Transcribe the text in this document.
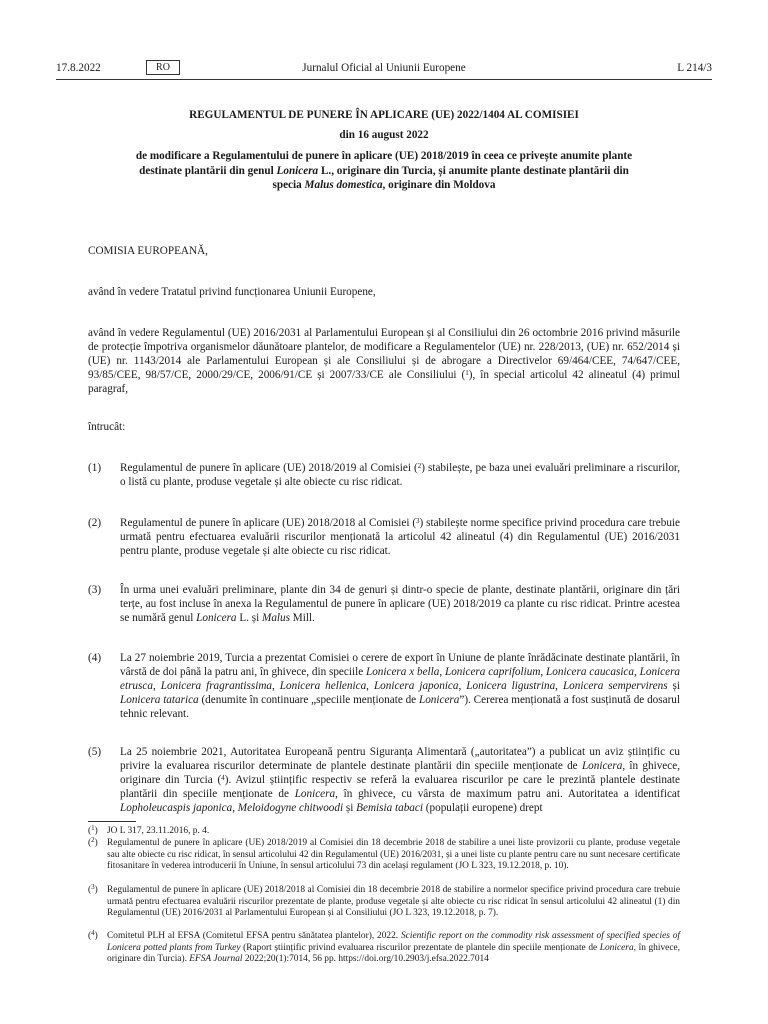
17.8.2022	Jurnalul Oficial al Uniunii Europene
RO	L 214/3
REGULAMENTUL DE PUNERE ÎN APLICARE (UE) 2022/1404 AL COMISIEI
din 16 august 2022
de modificare a Regulamentului de punere în aplicare (UE) 2018/2019 în ceea ce privește anumite plante destinate plantării din genul Lonicera L., originare din Turcia, și anumite plante destinate plantării din specia Malus domestica, originare din Moldova
COMISIA EUROPEANĂ,
având în vedere Tratatul privind funcționarea Uniunii Europene,
având în vedere Regulamentul (UE) 2016/2031 al Parlamentului European și al Consiliului din 26 octombrie 2016 privind măsurile de protecție împotriva organismelor dăunătoare plantelor, de modificare a Regulamentelor (UE) nr. 228/2013, (UE) nr. 652/2014 și (UE) nr. 1143/2014 ale Parlamentului European și ale Consiliului și de abrogare a Directivelor 69/464/CEE, 74/647/CEE, 93/85/CEE, 98/57/CE, 2000/29/CE, 2006/91/CE și 2007/33/CE ale Consiliului ($^1$), în special articolul 42 alineatul (4) primul paragraf,
întrucât:
(1) Regulamentul de punere în aplicare (UE) 2018/2019 al Comisiei ($^2$) stabilește, pe baza unei evaluări preliminare a riscurilor, o listă cu plante, produse vegetale și alte obiecte cu risc ridicat.
(2) Regulamentul de punere în aplicare (UE) 2018/2018 al Comisiei ($^3$) stabilește norme specifice privind procedura care trebuie urmată pentru efectuarea evaluării riscurilor menționată la articolul 42 alineatul (4) din Regulamentul (UE) 2016/2031 pentru plante, produse vegetale și alte obiecte cu risc ridicat.
(3) În urma unei evaluări preliminare, plante din 34 de genuri și dintr-o specie de plante, destinate plantării, originare din țări terțe, au fost incluse în anexa la Regulamentul de punere în aplicare (UE) 2018/2019 ca plante cu risc ridicat. Printre acestea se numără genul Lonicera L. și Malus Mill.
(4) La 27 noiembrie 2019, Turcia a prezentat Comisiei o cerere de export în Uniune de plante înrădăcinate destinate plantării, în vârstă de doi până la patru ani, în ghivece, din speciile Lonicera x bella, Lonicera caprifolium, Lonicera caucasica, Lonicera etrusca, Lonicera fragrantissima, Lonicera hellenica, Lonicera japonica, Lonicera ligustrina, Lonicera sempervirens și Lonicera tatarica (denumite în continuare „speciile menționate de Lonicera”). Cererea menționată a fost susținută de dosarul tehnic relevant.
(5) La 25 noiembrie 2021, Autoritatea Europeană pentru Siguranța Alimentară („autoritatea”) a publicat un aviz științific cu privire la evaluarea riscurilor determinate de plantele destinate plantării din speciile menționate de Lonicera, în ghivece, originare din Turcia ($^4$). Avizul științific respectiv se referă la evaluarea riscurilor pe care le prezintă plantele destinate plantării din speciile menționate de Lonicera, în ghivece, cu vârsta de maximum patru ani. Autoritatea a identificat Lopholeucaspis japonica, Meloidogyne chitwoodi și Bemisia tabaci (populații europene) drept
($^1$) JO L 317, 23.11.2016, p. 4.
($^2$) Regulamentul de punere în aplicare (UE) 2018/2019 al Comisiei din 18 decembrie 2018 de stabilire a unei liste provizorii cu plante, produse vegetale sau alte obiecte cu risc ridicat, în sensul articolului 42 din Regulamentul (UE) 2016/2031, și a unei liste cu plante pentru care nu sunt necesare certificate fitosanitare în vederea introducerii în Uniune, în sensul articolului 73 din același regulament (JO L 323, 19.12.2018, p. 10).
($^3$) Regulamentul de punere în aplicare (UE) 2018/2018 al Comisiei din 18 decembrie 2018 de stabilire a normelor specifice privind procedura care trebuie urmată pentru efectuarea evaluării riscurilor prezentate de plante, produse vegetale și alte obiecte cu risc ridicat în sensul articolului 42 alineatul (1) din Regulamentul (UE) 2016/2031 al Parlamentului European și al Consiliului (JO L 323, 19.12.2018, p. 7).
($^4$) Comitetul PLH al EFSA (Comitetul EFSA pentru sănătatea plantelor), 2022. Scientific report on the commodity risk assessment of specified species of Lonicera potted plants from Turkey (Raport științific privind evaluarea riscurilor prezentate de plantele din speciile menționate de Lonicera, în ghivece, originare din Turcia). EFSA Journal 2022;20(1):7014, 56 pp. https://doi.org/10.2903/j.efsa.2022.7014
